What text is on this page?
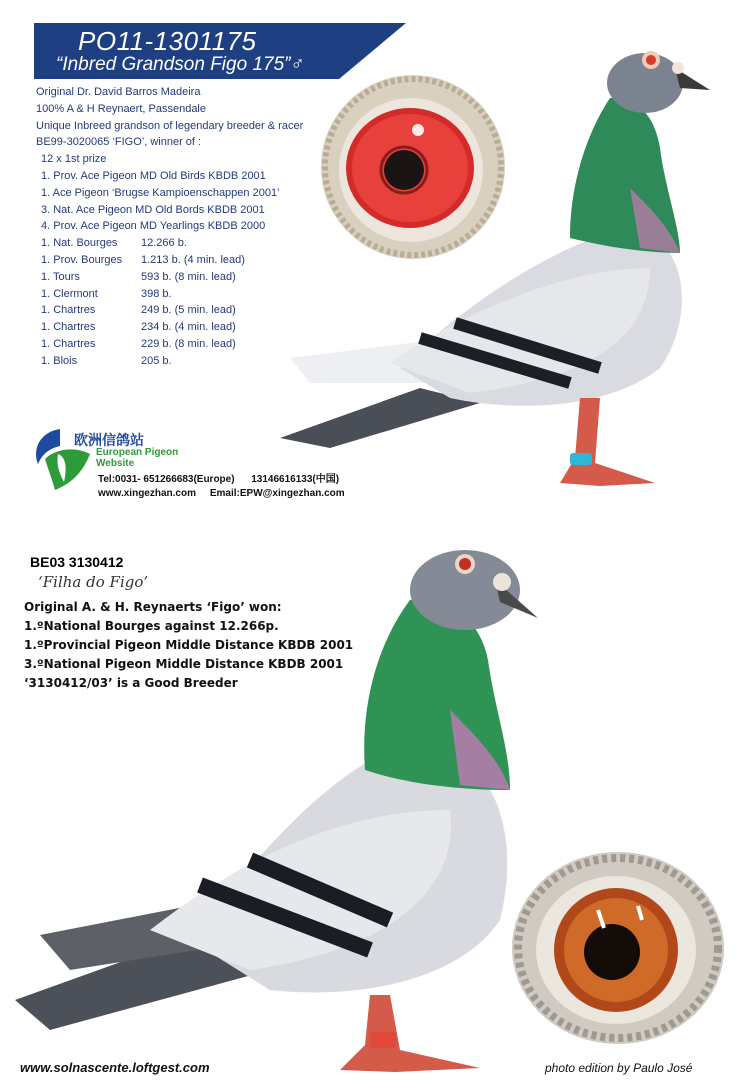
PO11-1301175
“Inbred Grandson Figo 175”♂
Original Dr. David Barros Madeira
100% A & H Reynaert, Passendale
Unique Inbreed grandson of legendary breeder & racer
BE99-3020065 ‘FIGO’, winner of :
12 x 1st prize
1. Prov. Ace Pigeon MD Old Birds KBDB 2001
1. Ace Pigeon ‘Brugse Kampioenschappen 2001’
3. Nat. Ace Pigeon MD Old Bords KBDB 2001
4. Prov. Ace Pigeon MD Yearlings KBDB 2000
1. Nat. Bourges	12.266 b.
1. Prov. Bourges	1.213 b. (4 min. lead)
1. Tours	593 b. (8 min. lead)
1. Clermont	398 b.
1. Chartres	249 b. (5 min. lead)
1. Chartres	234 b. (4 min. lead)
1. Chartres	229 b. (8 min. lead)
1. Blois	205 b.
欧洲信鸽站
European Pigeon Website
Tel:0031- 651266683(Europe)      13146616133(中国)
www.xingezhan.com     Email:EPW@xingezhan.com
BE03 3130412
‘Filha do Figo’
Original A. & H. Reynaerts ‘Figo’ won:
1.ºNational Bourges against 12.266p.
1.ºProvincial Pigeon Middle Distance KBDB 2001
3.ºNational Pigeon Middle Distance KBDB 2001
‘3130412/03’ is a Good Breeder
www.solnascente.loftgest.com	photo edition by Paulo José
